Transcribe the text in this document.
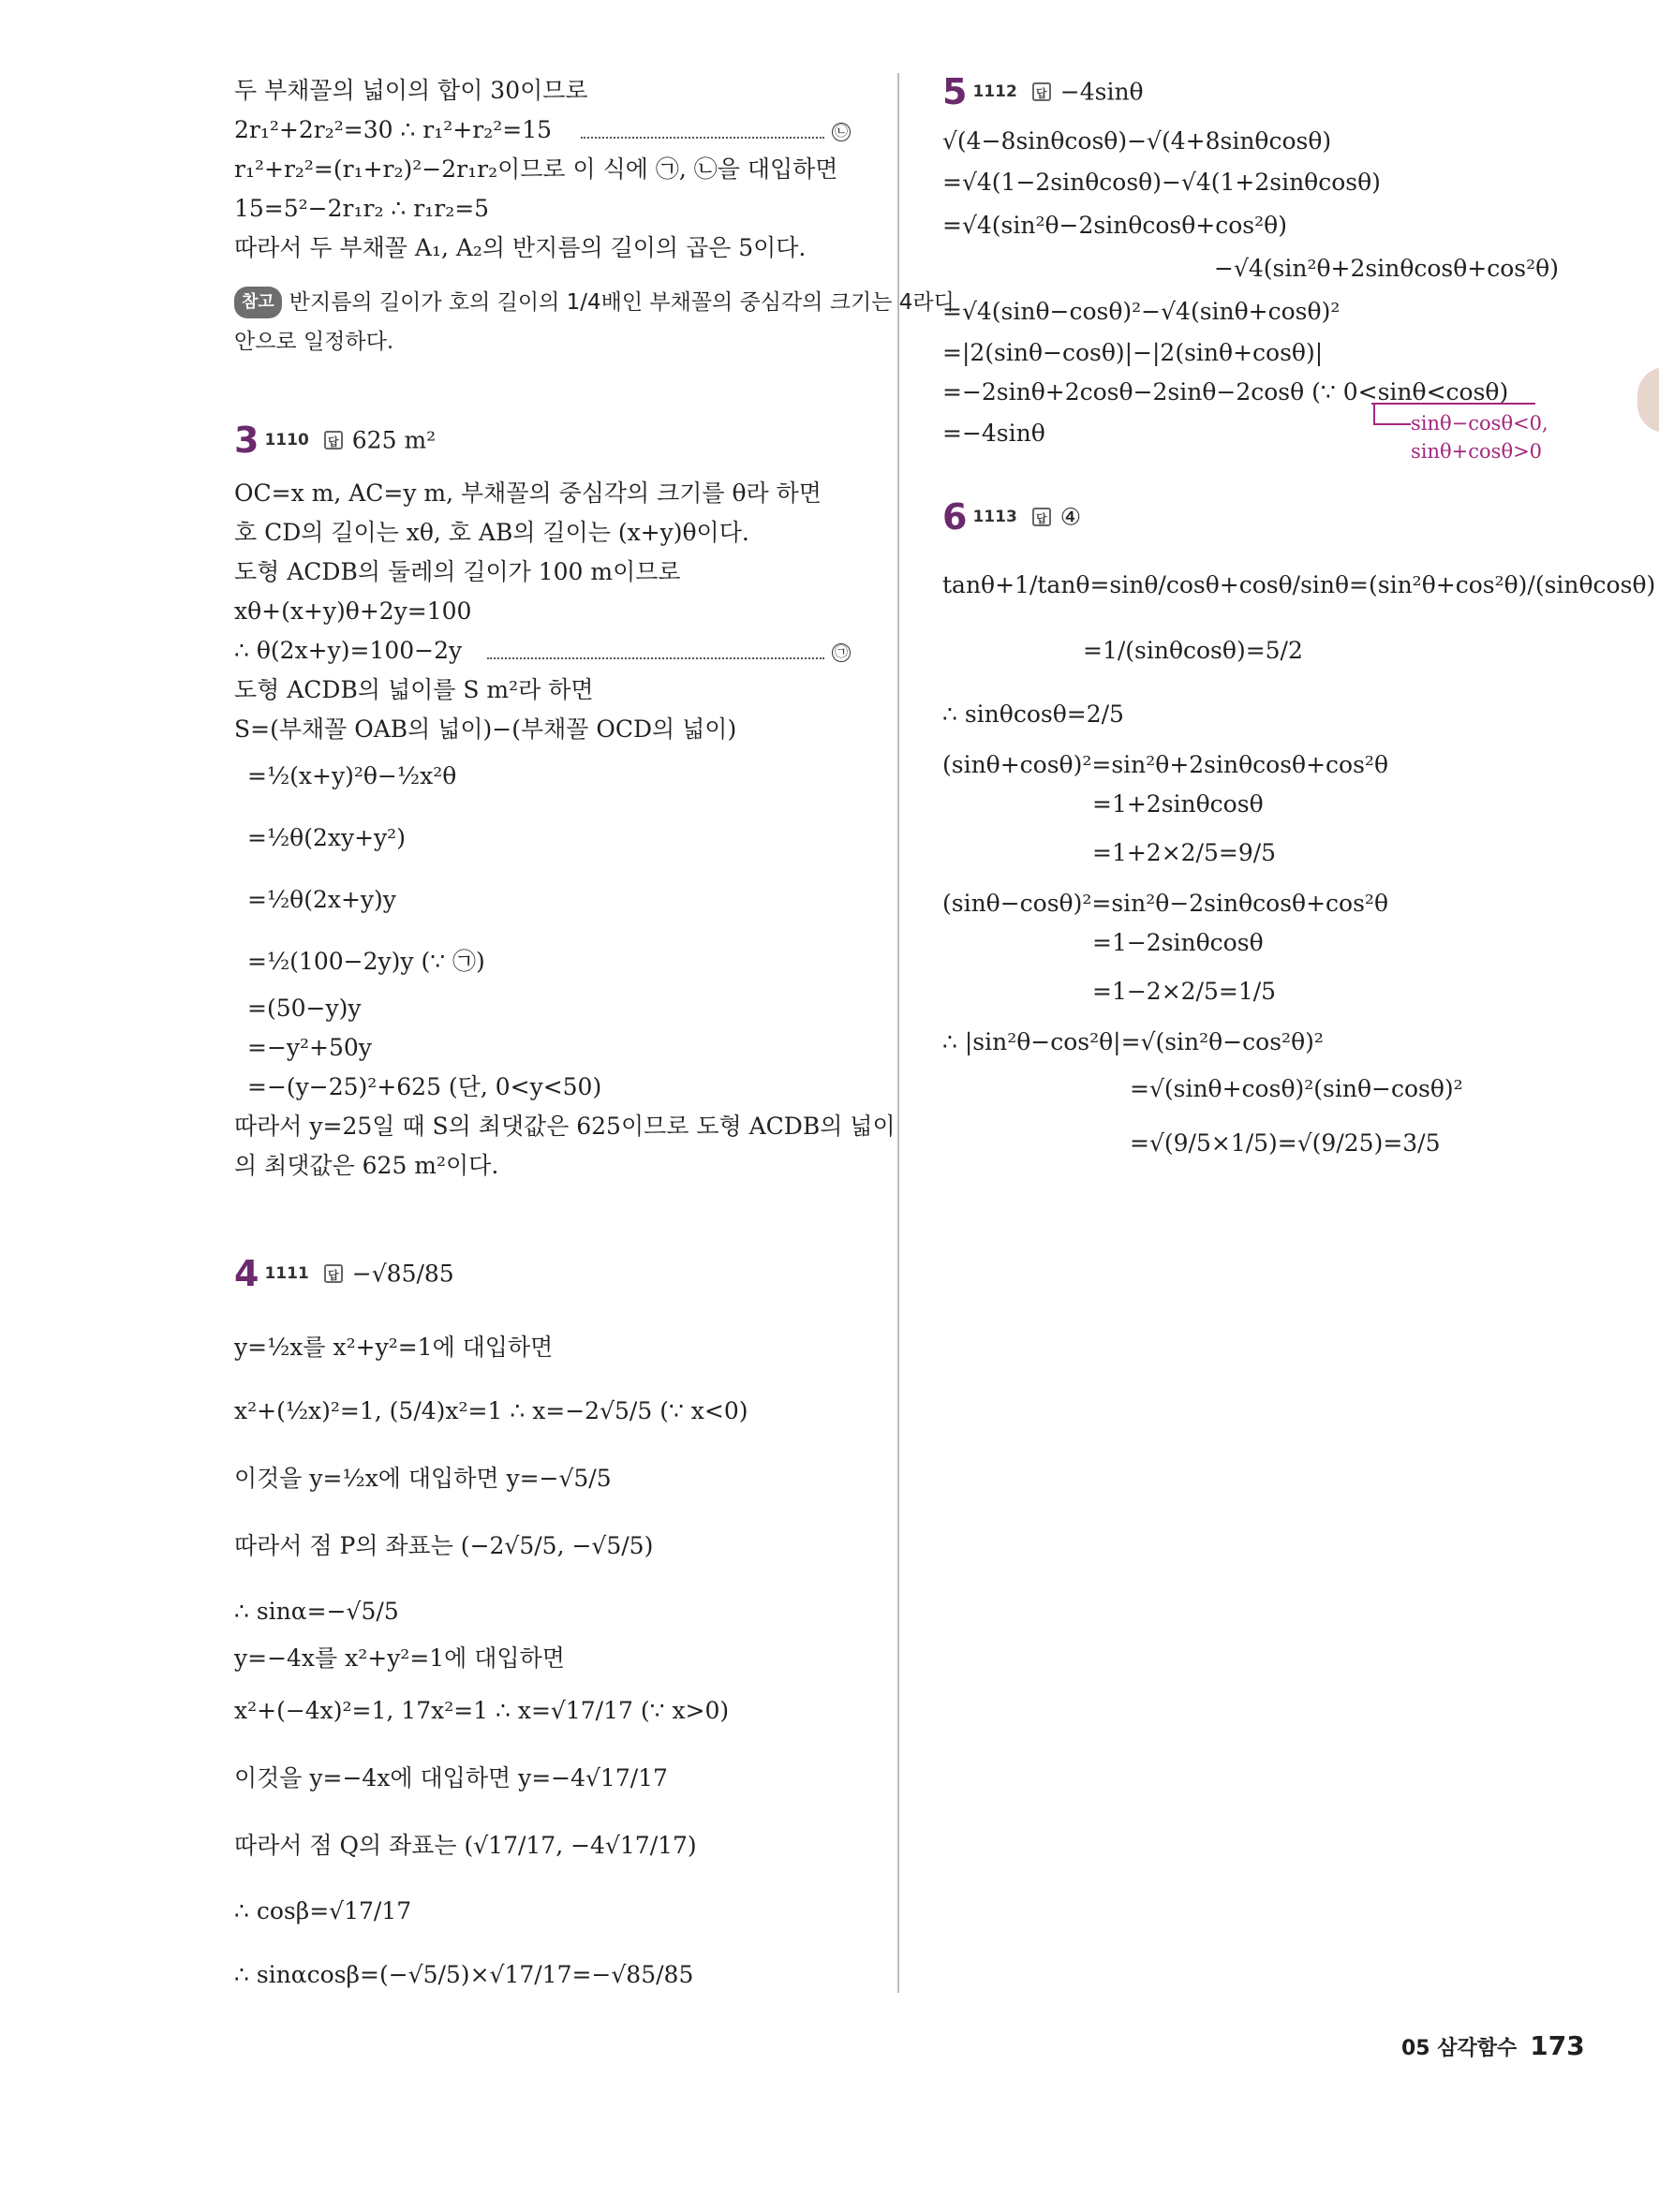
두 부채꼴의 넓이의 합이 30이므로
2r₁²+2r₂²=30 ∴ r₁²+r₂²=15
r₁²+r₂²=(r₁+r₂)²−2r₁r₂이므로 이 식에 ㉠, ㉡을 대입하면
15=5²−2r₁r₂ ∴ r₁r₂=5
따라서 두 부채꼴 A₁, A₂의 반지름의 길이의 곱은 5이다.
OC=x m, AC=y m, 부채꼴의 중심각의 크기를 θ라 하면
호 CD의 길이는 xθ, 호 AB의 길이는 (x+y)θ이다.
도형 ACDB의 둘레의 길이가 100 m이므로
xθ+(x+y)θ+2y=100
∴ θ(2x+y)=100−2y
도형 ACDB의 넓이를 S m²라 하면
S=(부채꼴 OAB의 넓이)−(부채꼴 OCD의 넓이)
=½(x+y)²θ−½x²θ
=½θ(2xy+y²)
=½θ(2x+y)y
=½(100−2y)y (∵ ㉠)
=(50−y)y
=−y²+50y
=−(y−25)²+625 (단, 0<y<50)
따라서 y=25일 때 S의 최댓값은 625이므로 도형 ACDB의 넓이
의 최댓값은 625 m²이다.
y=½x를 x²+y²=1에 대입하면
x²+(½x)²=1, (5/4)x²=1 ∴ x=−2√5/5 (∵ x<0)
이것을 y=½x에 대입하면 y=−√5/5
따라서 점 P의 좌표는 (−2√5/5, −√5/5)
∴ sinα=−√5/5
y=−4x를 x²+y²=1에 대입하면
x²+(−4x)²=1, 17x²=1 ∴ x=√17/17 (∵ x>0)
이것을 y=−4x에 대입하면 y=−4√17/17
따라서 점 Q의 좌표는 (√17/17, −4√17/17)
∴ cosβ=√17/17
∴ sinαcosβ=(−√5/5)×√17/17=−√85/85
㉡
㉠
참고 반지름의 길이가 호의 길이의 1/4배인 부채꼴의 중심각의 크기는 4라디
안으로 일정하다.
3 1110 답 625 m²
4 1111 답 −√85/85
5 1112 답 −4sinθ
6 1113 답 ④
√(4−8sinθcosθ)−√(4+8sinθcosθ)
=√4(1−2sinθcosθ)−√4(1+2sinθcosθ)
=√4(sin²θ−2sinθcosθ+cos²θ)
−√4(sin²θ+2sinθcosθ+cos²θ)
=√4(sinθ−cosθ)²−√4(sinθ+cosθ)²
=|2(sinθ−cosθ)|−|2(sinθ+cosθ)|
=−2sinθ+2cosθ−2sinθ−2cosθ (∵ 0<sinθ<cosθ)
=−4sinθ
tanθ+1/tanθ=sinθ/cosθ+cosθ/sinθ=(sin²θ+cos²θ)/(sinθcosθ)
=1/(sinθcosθ)=5/2
∴ sinθcosθ=2/5
(sinθ+cosθ)²=sin²θ+2sinθcosθ+cos²θ
=1+2sinθcosθ
=1+2×2/5=9/5
(sinθ−cosθ)²=sin²θ−2sinθcosθ+cos²θ
=1−2sinθcosθ
=1−2×2/5=1/5
∴ |sin²θ−cos²θ|=√(sin²θ−cos²θ)²
=√(sinθ+cosθ)²(sinθ−cosθ)²
=√(9/5×1/5)=√(9/25)=3/5
sinθ−cosθ<0,
sinθ+cosθ>0
05 삼각함수 173
